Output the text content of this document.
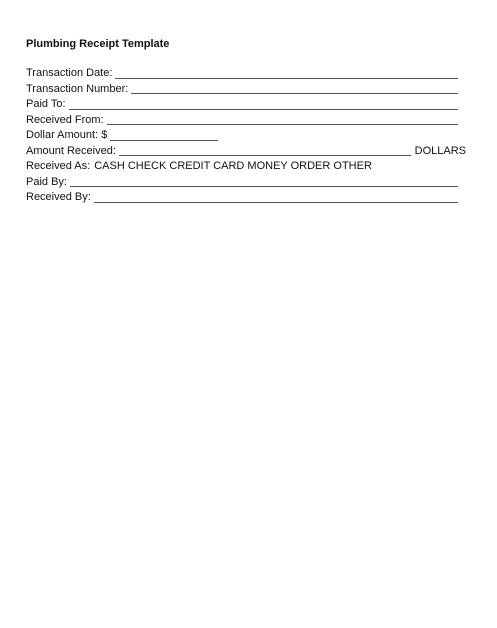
Plumbing Receipt Template
Transaction Date:
Transaction Number:
Paid To:
Received From:
Dollar Amount: $
Amount Received:	DOLLARS
Received As: CASH CHECK CREDIT CARD MONEY ORDER OTHER
Paid By:
Received By:
